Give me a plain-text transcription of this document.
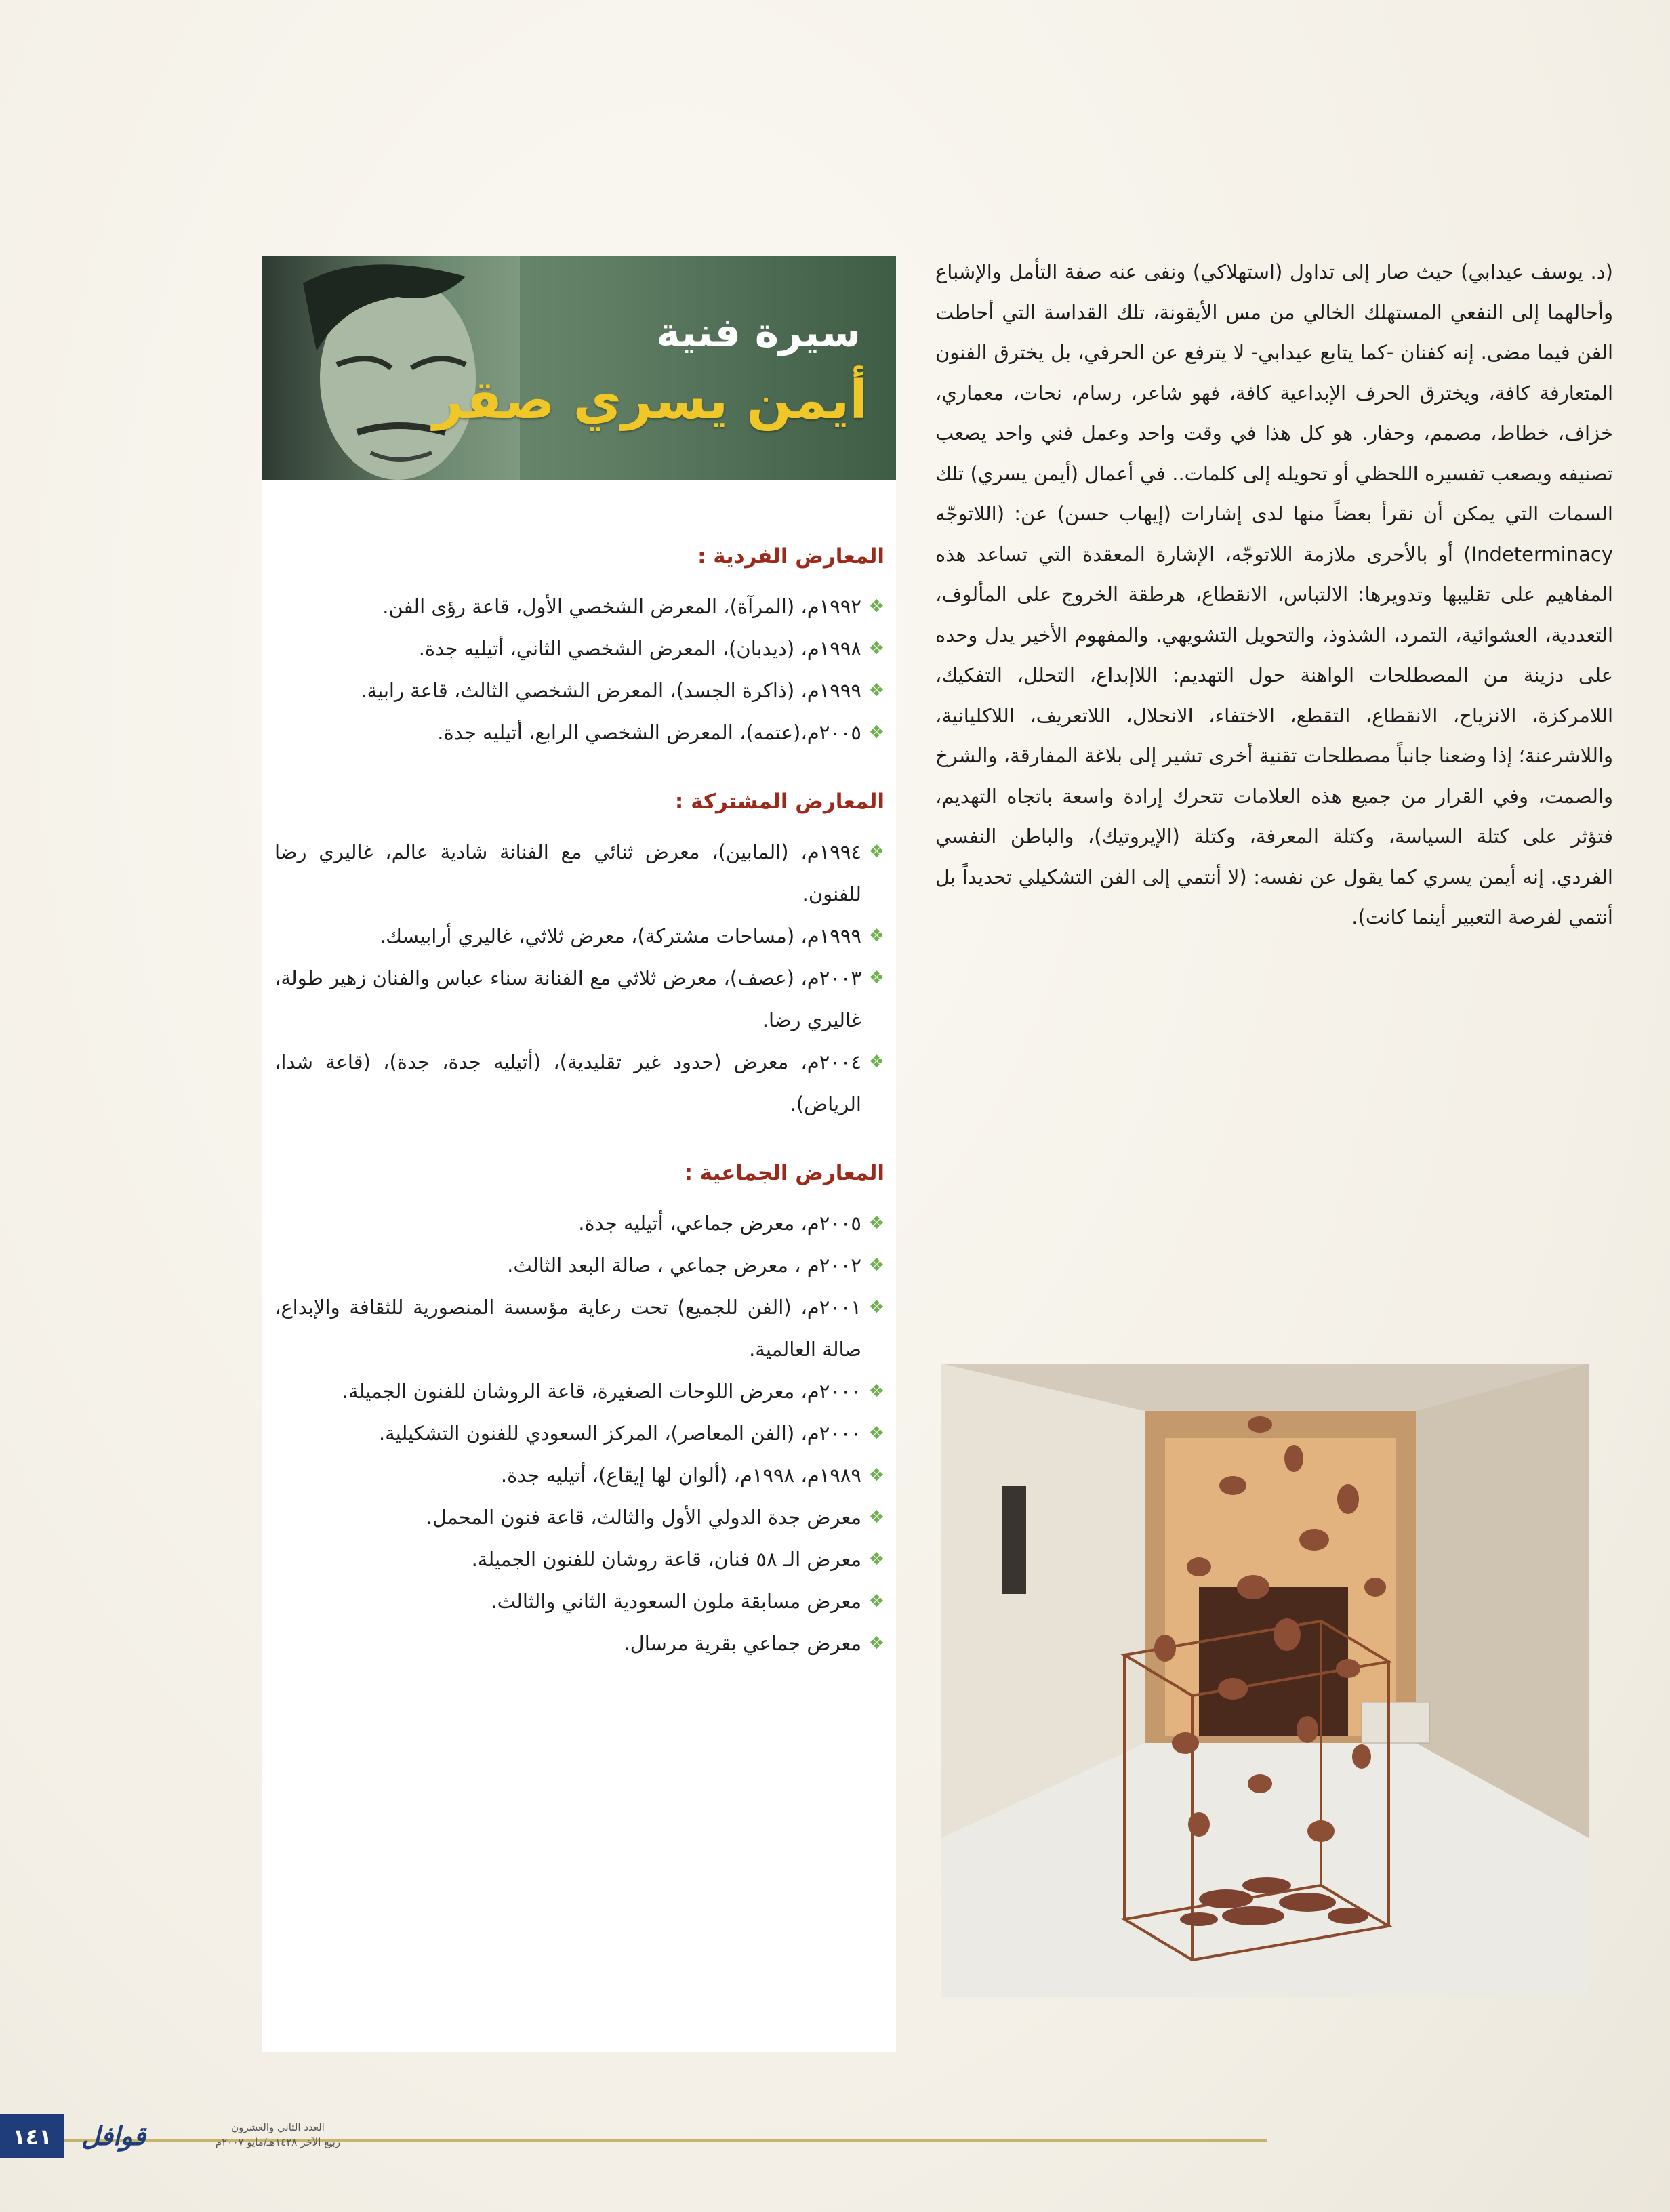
(د. يوسف عيدابي) حيث صار إلى تداول (استهلاكي) ونفى عنه صفة التأمل والإشباع وأحالهما إلى النفعي المستهلك الخالي من مس الأيقونة، تلك القداسة التي أحاطت الفن فيما مضى. إنه كفنان -كما يتابع عيدابي- لا يترفع عن الحرفي، بل يخترق الفنون المتعارفة كافة، ويخترق الحرف الإبداعية كافة، فهو شاعر، رسام، نحات، معماري، خزاف، خطاط، مصمم، وحفار. هو كل هذا في وقت واحد وعمل فني واحد يصعب تصنيفه ويصعب تفسيره اللحظي أو تحويله إلى كلمات.. في أعمال (أيمن يسري) تلك السمات التي يمكن أن نقرأ بعضاً منها لدى إشارات (إيهاب حسن) عن: (اللاتوجّه Indeterminacy) أو بالأحرى ملازمة اللاتوجّه، الإشارة المعقدة التي تساعد هذه المفاهيم على تقليبها وتدويرها: الالتباس، الانقطاع، هرطقة الخروج على المألوف، التعددية، العشوائية، التمرد، الشذوذ، والتحويل التشويهي. والمفهوم الأخير يدل وحده على دزينة من المصطلحات الواهنة حول التهديم: اللاإبداع، التحلل، التفكيك، اللامركزة، الانزياح، الانقطاع، التقطع، الاختفاء، الانحلال، اللاتعريف، اللاكليانية، واللاشرعنة؛ إذا وضعنا جانباً مصطلحات تقنية أخرى تشير إلى بلاغة المفارقة، والشرخ والصمت، وفي القرار من جميع هذه العلامات تتحرك إرادة واسعة باتجاه التهديم، فتؤثر على كتلة السياسة، وكتلة المعرفة، وكتلة (الإيروتيك)، والباطن النفسي الفردي. إنه أيمن يسري كما يقول عن نفسه: (لا أنتمي إلى الفن التشكيلي تحديداً بل أنتمي لفرصة التعبير أينما كانت).

سيرة فنية
أيمن يسري صقر
المعارض الفردية :
❖
١٩٩٢م، (المرآة)، المعرض الشخصي الأول، قاعة رؤى الفن.
❖
١٩٩٨م، (ديدبان)، المعرض الشخصي الثاني، أتيليه جدة.
❖
١٩٩٩م، (ذاكرة الجسد)، المعرض الشخصي الثالث، قاعة رابية.
❖
٢٠٠٥م،(عتمه)، المعرض الشخصي الرابع، أتيليه جدة.
المعارض المشتركة :
❖
١٩٩٤م، (المابين)، معرض ثنائي مع الفنانة شادية عالم، غاليري رضا للفنون.
❖
١٩٩٩م، (مساحات مشتركة)، معرض ثلاثي، غاليري أرابيسك.
❖
٢٠٠٣م، (عصف)، معرض ثلاثي مع الفنانة سناء عباس والفنان زهير طولة، غاليري رضا.
❖
٢٠٠٤م، معرض (حدود غير تقليدية)، (أتيليه جدة، جدة)، (قاعة شدا، الرياض).
المعارض الجماعية :
❖
٢٠٠٥م، معرض جماعي، أتيليه جدة.
❖
٢٠٠٢م ، معرض جماعي ، صالة البعد الثالث.
❖
٢٠٠١م، (الفن للجميع) تحت رعاية مؤسسة المنصورية للثقافة والإبداع، صالة العالمية.
❖
٢٠٠٠م، معرض اللوحات الصغيرة، قاعة الروشان للفنون الجميلة.
❖
٢٠٠٠م، (الفن المعاصر)، المركز السعودي للفنون التشكيلية.
❖
١٩٨٩م، ١٩٩٨م، (ألوان لها إيقاع)، أتيليه جدة.
❖
معرض جدة الدولي الأول والثالث، قاعة فنون المحمل.
❖
معرض الـ ٥٨ فنان، قاعة روشان للفنون الجميلة.
❖
معرض مسابقة ملون السعودية الثاني والثالث.
❖
معرض جماعي بقرية مرسال.
١٤١	قوافل	العدد الثاني والعشرون
ربيع الآخر ١٤٢٨هـ/مايو ٢٠٠٧م
